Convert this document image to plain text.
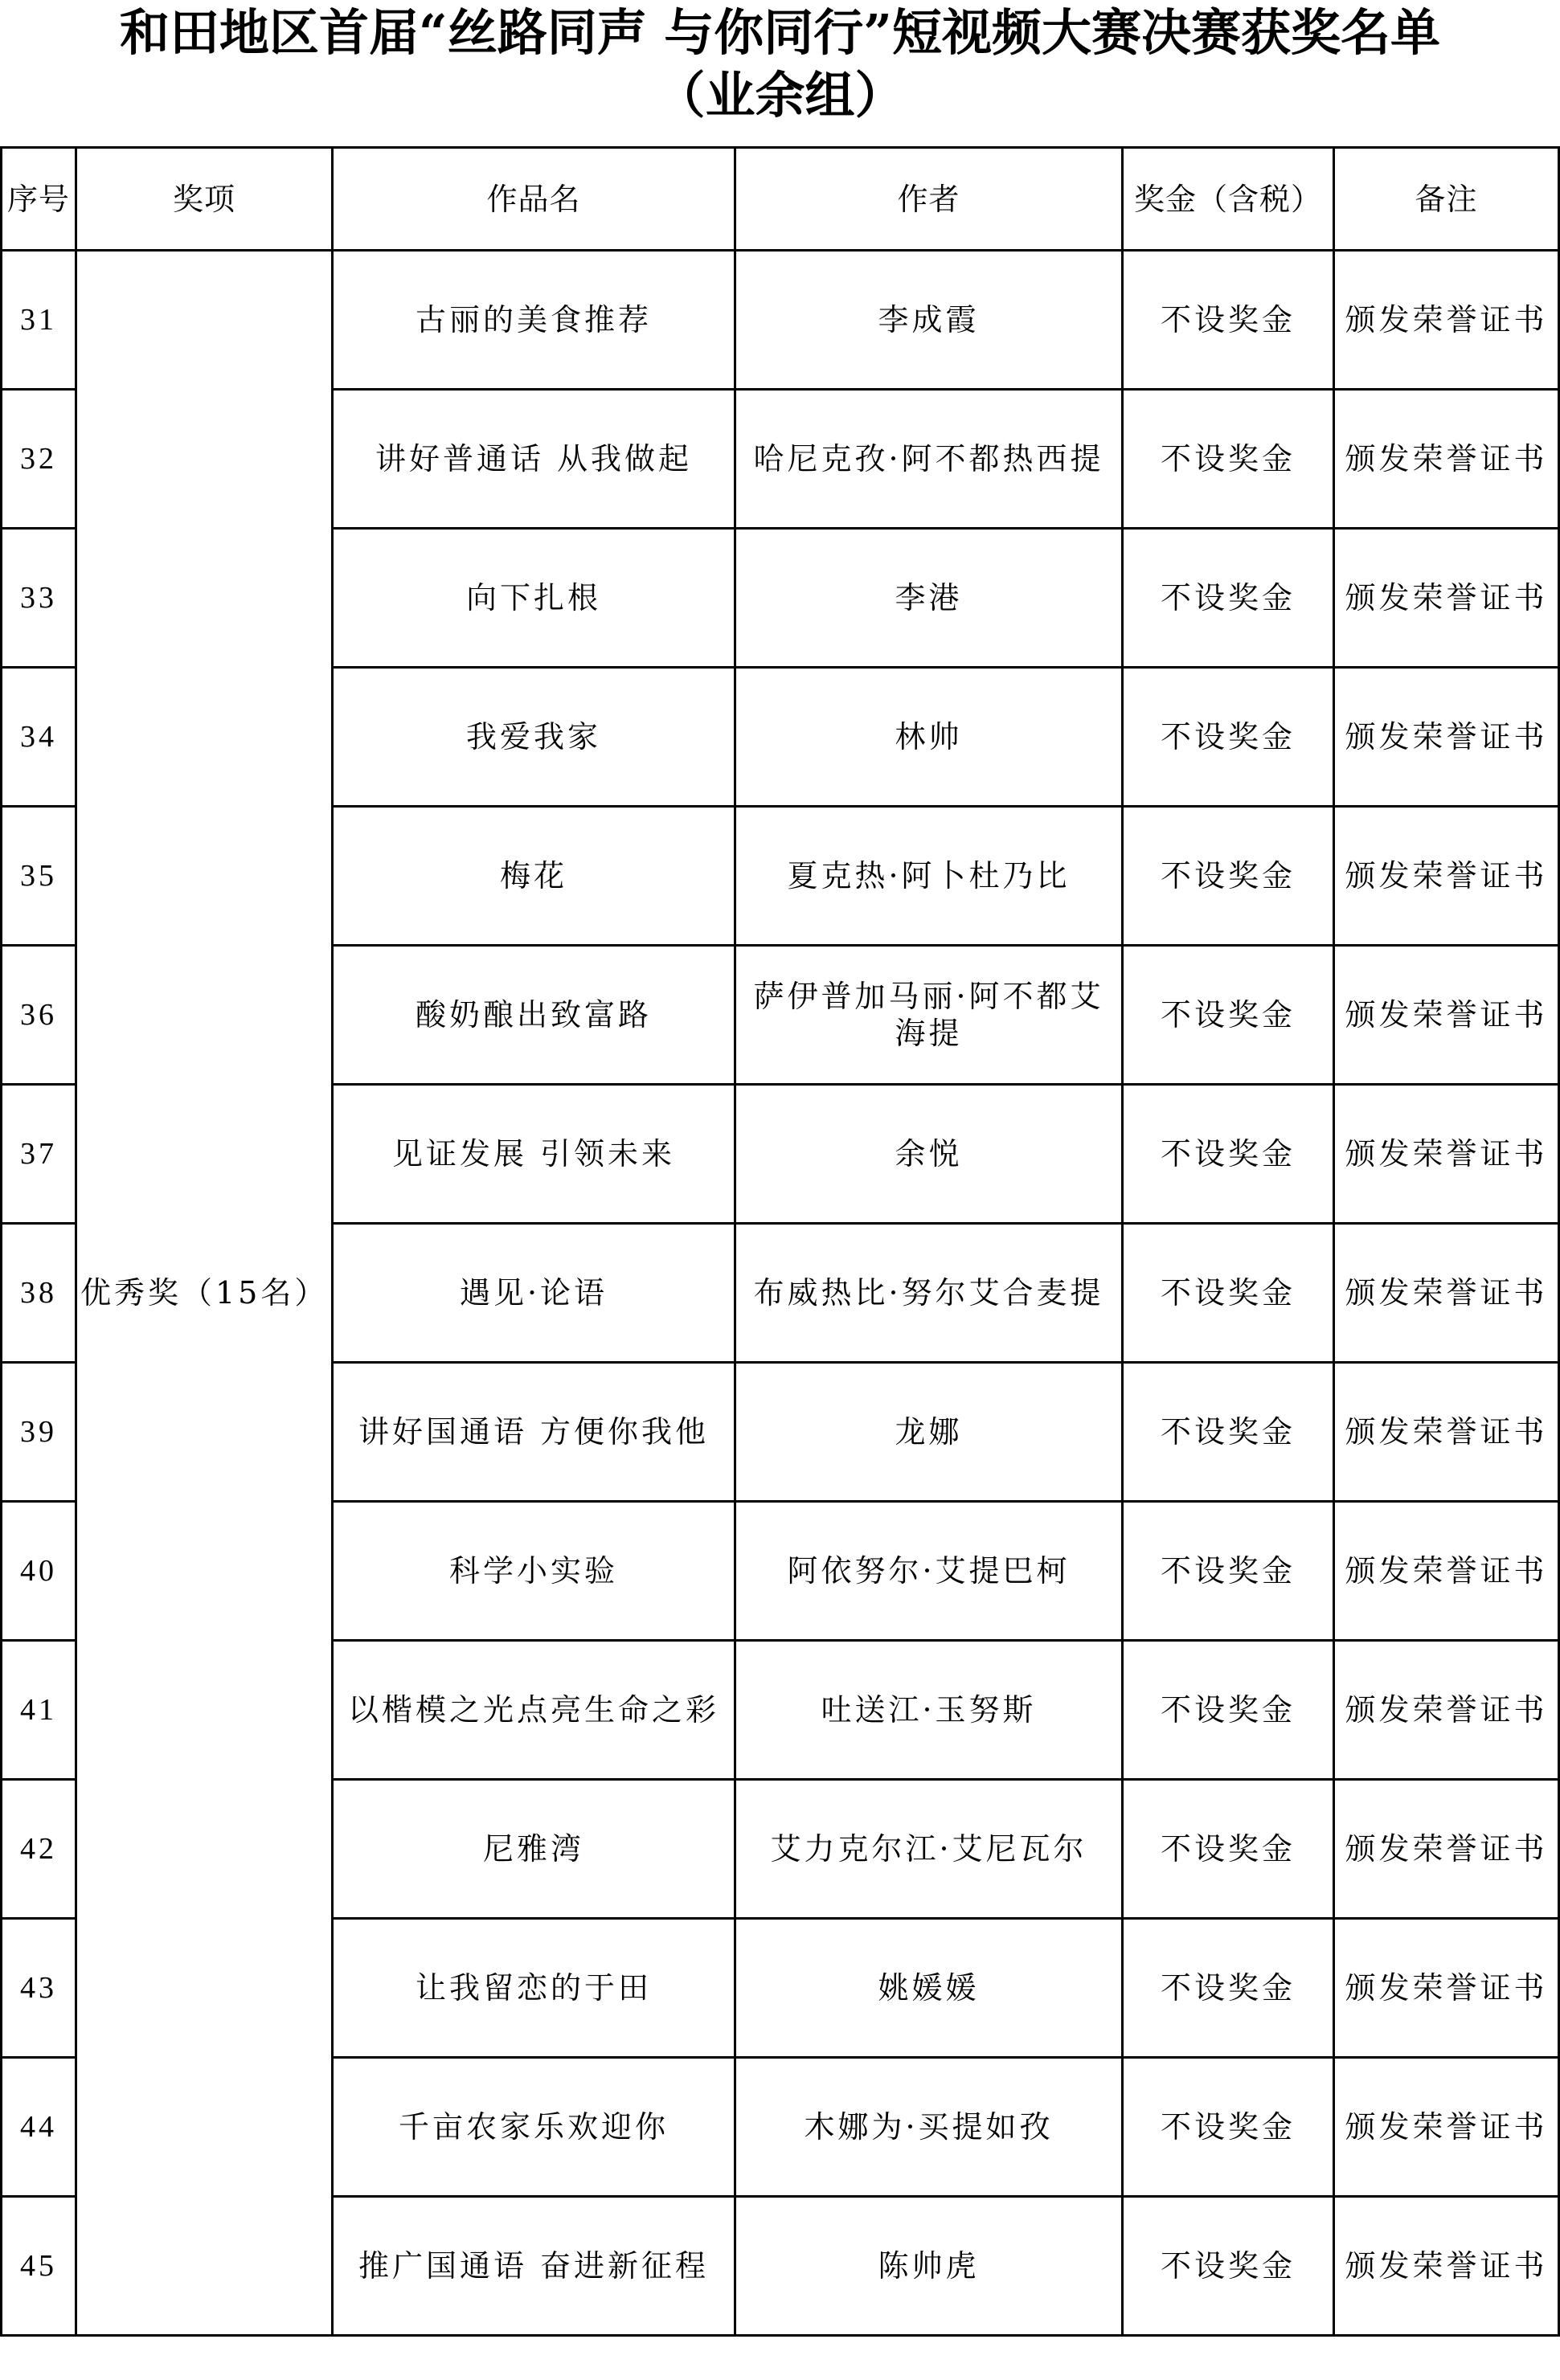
和田地区首届“丝路同声 与你同行”短视频大赛决赛获奖名单
（业余组）
序号	奖项	作品名	作者	奖金（含税）	备注
31	优秀奖（15名）	古丽的美食推荐	李成霞	不设奖金	颁发荣誉证书
32		讲好普通话 从我做起	哈尼克孜·阿不都热西提	不设奖金	颁发荣誉证书
33		向下扎根	李港	不设奖金	颁发荣誉证书
34		我爱我家	林帅	不设奖金	颁发荣誉证书
35		梅花	夏克热·阿卜杜乃比	不设奖金	颁发荣誉证书
36		酸奶酿出致富路	萨伊普加马丽·阿不都艾海提	不设奖金	颁发荣誉证书
37		见证发展 引领未来	余悦	不设奖金	颁发荣誉证书
38		遇见·论语	布威热比·努尔艾合麦提	不设奖金	颁发荣誉证书
39		讲好国通语 方便你我他	龙娜	不设奖金	颁发荣誉证书
40		科学小实验	阿依努尔·艾提巴柯	不设奖金	颁发荣誉证书
41		以楷模之光点亮生命之彩	吐送江·玉努斯	不设奖金	颁发荣誉证书
42		尼雅湾	艾力克尔江·艾尼瓦尔	不设奖金	颁发荣誉证书
43		让我留恋的于田	姚媛媛	不设奖金	颁发荣誉证书
44		千亩农家乐欢迎你	木娜为·买提如孜	不设奖金	颁发荣誉证书
45		推广国通语 奋进新征程	陈帅虎	不设奖金	颁发荣誉证书
